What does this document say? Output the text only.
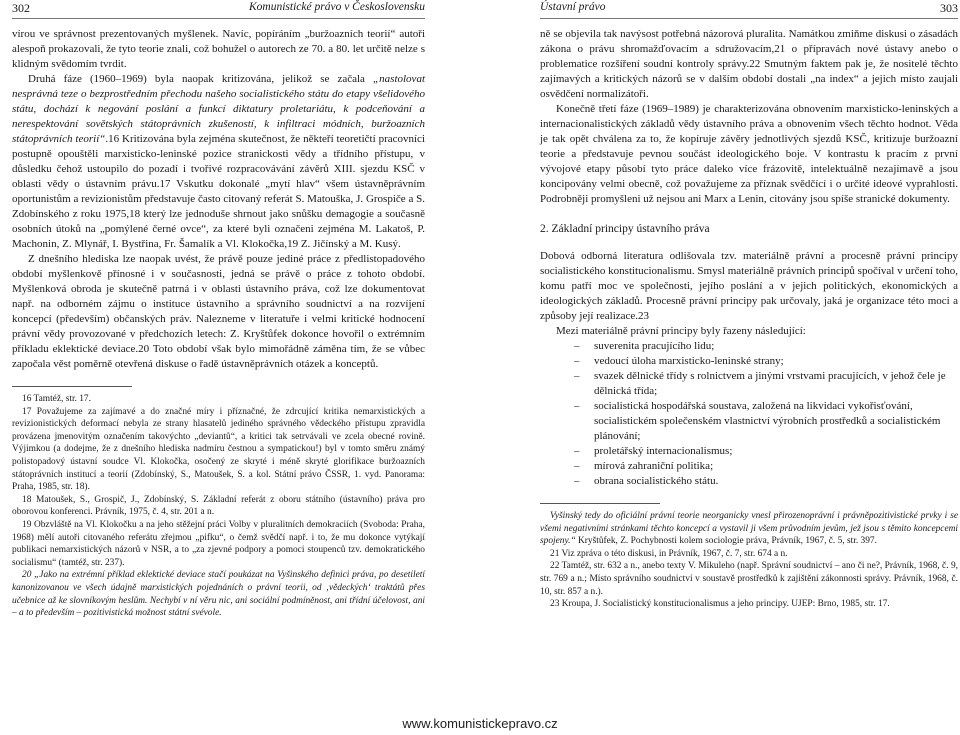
302	Komunistické právo v Československu

vírou ve správnost prezentovaných myšlenek. Navíc, popíráním „buržoazních teorií“ autoři alespoň prokazovali, že tyto teorie znali, což bohužel o autorech ze 70. a 80. let určitě nelze s klidným svědomím tvrdit.

Druhá fáze (1960–1969) byla naopak kritizována, jelikož se začala „nastolovat nesprávná teze o bezprostředním přechodu našeho socialistického státu do etapy všelidového státu, dochází k negování poslání a funkcí diktatury proletariátu, k podceňování a nerespektování sovětských státoprávních zkušeností, k infiltraci módních, buržoazních státoprávních teorií“.16 Kritizována byla zejména skutečnost, že někteří teoretičtí pracovníci postupně opouštěli marxisticko-leninské pozice stranickosti vědy a třídního přístupu, v důsledku čehož ustoupilo do pozadí i tvořivé rozpracovávání závěrů XIII. sjezdu KSČ v oblasti vědy o ústavním právu.17 Vskutku dokonalé „mytí hlav“ všem ústavněprávním oportunistům a revizionistům představuje často citovaný referát S. Matouška, J. Grospiče a S. Zdobínského z roku 1975,18 který lze jednoduše shrnout jako snůšku demagogie a současně osobních útoků na „pomýlené černé ovce“, za které byli označeni zejména M. Lakatoš, P. Machonin, Z. Mlynář, I. Bystřina, Fr. Šamalík a Vl. Klokočka,19 Z. Jičínský a M. Kusý.

Z dnešního hlediska lze naopak uvést, že právě pouze jediné práce z předlistopadového období myšlenkově přínosné i v současnosti, jedná se právě o práce z tohoto období. Myšlenková obroda je skutečně patrná i v oblasti ústavního práva, což lze dokumentovat např. na odborném zájmu o instituce ústavního a správního soudnictví a na rozvíjení koncepcí (především) občanských práv. Nalezneme v literatuře i velmi kritické hodnocení právní vědy provozované v předchozích letech: Z. Kryštůfek dokonce hovořil o extrémním příkladu eklektické deviace.20 Toto období však bylo mimořádně záměna tím, že se vůbec započala věst poměrně otevřená diskuse o řadě ústavněprávních otázek a konceptů.

16 Tamtéž, str. 17.

17 Považujeme za zajímavé a do značné míry i příznačné, že zdrcující kritika nemarxistických a revizionistických deformací nebyla ze strany hlasatelů jediného správného vědeckého přístupu zpravidla provázena jmenovitým označením takovýchto „deviantů“, a kritici tak setrvávali ve zcela obecné rovině. Výjimkou (a dodejme, že z dnešního hlediska nadmíru čestnou a sympatickou!) byl v tomto směru známý polistopadový ústavní soudce Vl. Klokočka, osočený ze skryté i méně skryté glorifikace buržoazních státoprávních institucí a teorií (Zdobínský, S., Matoušek, S. a kol. Státní právo ČSSR, 1. vyd. Panorama: Praha, 1985, str. 18).

18 Matoušek, S., Grospič, J., Zdobínský, S. Základní referát z oboru státního (ústavního) práva pro oborovou konferenci. Právník, 1975, č. 4, str. 201 a n.

19 Obzvláště na Vl. Klokočku a na jeho stěžejní práci Volby v pluralitních demokraciích (Svoboda: Praha, 1968) mělí autoři citovaného referátu zřejmou „pifku“, o čemž svědčí např. i to, že mu dokonce vytýkají publikaci nemarxistických názorů v NSR, a to „za zjevné podpory a pomoci stoupenců tzv. demokratického socialismu“ (tamtéž, str. 237).

20 „Jako na extrémní příklad eklektické deviace stačí poukázat na Vyšinského definici práva, po desetiletí kanonizovanou ve všech údajně marxistických pojednáních o právní teorii, od ‚vědeckých‘ traktátů přes učebnice až ke slovníkovým heslům. Nechybí v ní věru nic, ani sociální podmíněnost, ani třídní účelovost, ani – a to především – pozitivistická možnost státní svévole.

Ústavní právo	303

ně se objevila tak navýsost potřebná názorová pluralita. Namátkou zmiňme diskusi o zásadách zákona o právu shromažďovacím a sdružovacím,21 o přípravách nové ústavy anebo o problematice rozšíření soudní kontroly správy.22 Smutným faktem pak je, že nositelé těchto zajímavých a kritických názorů se v dalším období dostali „na index“ a jejich místo zaujali osvědčení normalizátoři.

Konečně třetí fáze (1969–1989) je charakterizována obnovením marxisticko-leninských a internacionalistických základů vědy ústavního práva a obnovením všech těchto hodnot. Věda je tak opět chválena za to, že kopíruje závěry jednotlivých sjezdů KSČ, kritizuje buržoazní teorie a představuje pevnou součást ideologického boje. V kontrastu k pracím z první vývojové etapy působí tyto práce daleko více frázovitě, intelektuálně nezajímavě a jsou koncipovány velmi obecně, což považujeme za příznak svědčící i o určité ideové vyprahlosti. Podrobněji promyšleni už nejsou ani Marx a Lenin, citovány jsou spíše stranické dokumenty.

2. Základní principy ústavního práva

Dobová odborná literatura odlišovala tzv. materiálně právní a procesně právní principy socialistického konstitucionalismu. Smysl materiálně právních principů spočíval v určení toho, komu patří moc ve společnosti, jejího poslání a v jejich politických, ekonomických a ideologických základů. Procesně právní principy pak určovaly, jaká je organizace této moci a způsoby její realizace.23

Mezi materiálně právní principy byly řazeny následující:

– suverenita pracujícího lidu;
– vedoucí úloha marxisticko-leninské strany;
– svazek dělnické třídy s rolnictvem a jinými vrstvami pracujících, v jehož čele je dělnická třída;
– socialistická hospodářská soustava, založená na likvidaci vykořisťování, socialistickém společenském vlastnictví výrobních prostředků a socialistickém plánování;
– proletářský internacionalismus;
– mírová zahraniční politika;
– obrana socialistického státu.

Vyšinský tedy do oficiální právní teorie neorganicky vnesl přirozenoprávní i právněpozitivistické prvky i se všemi negativními stránkami těchto koncepcí a vystavil ji všem průvodním jevům, jež jsou s těmito koncepcemi spojeny.“ Kryštůfek, Z. Pochybnosti kolem sociologie práva, Právník, 1967, č. 5, str. 397.

21 Viz zpráva o této diskusi, in Právník, 1967, č. 7, str. 674 a n.

22 Tamtéž, str. 632 a n., anebo texty V. Mikuleho (např. Správní soudnictví – ano či ne?, Právník, 1968, č. 9, str. 769 a n.; Místo správního soudnictví v soustavě prostředků k zajištění zákonnosti správy. Právník, 1968, č. 10, str. 857 a n.).

23 Kroupa, J. Socialistický konstitucionalismus a jeho principy. UJEP: Brno, 1985, str. 17.

www.komunistickepravo.cz
